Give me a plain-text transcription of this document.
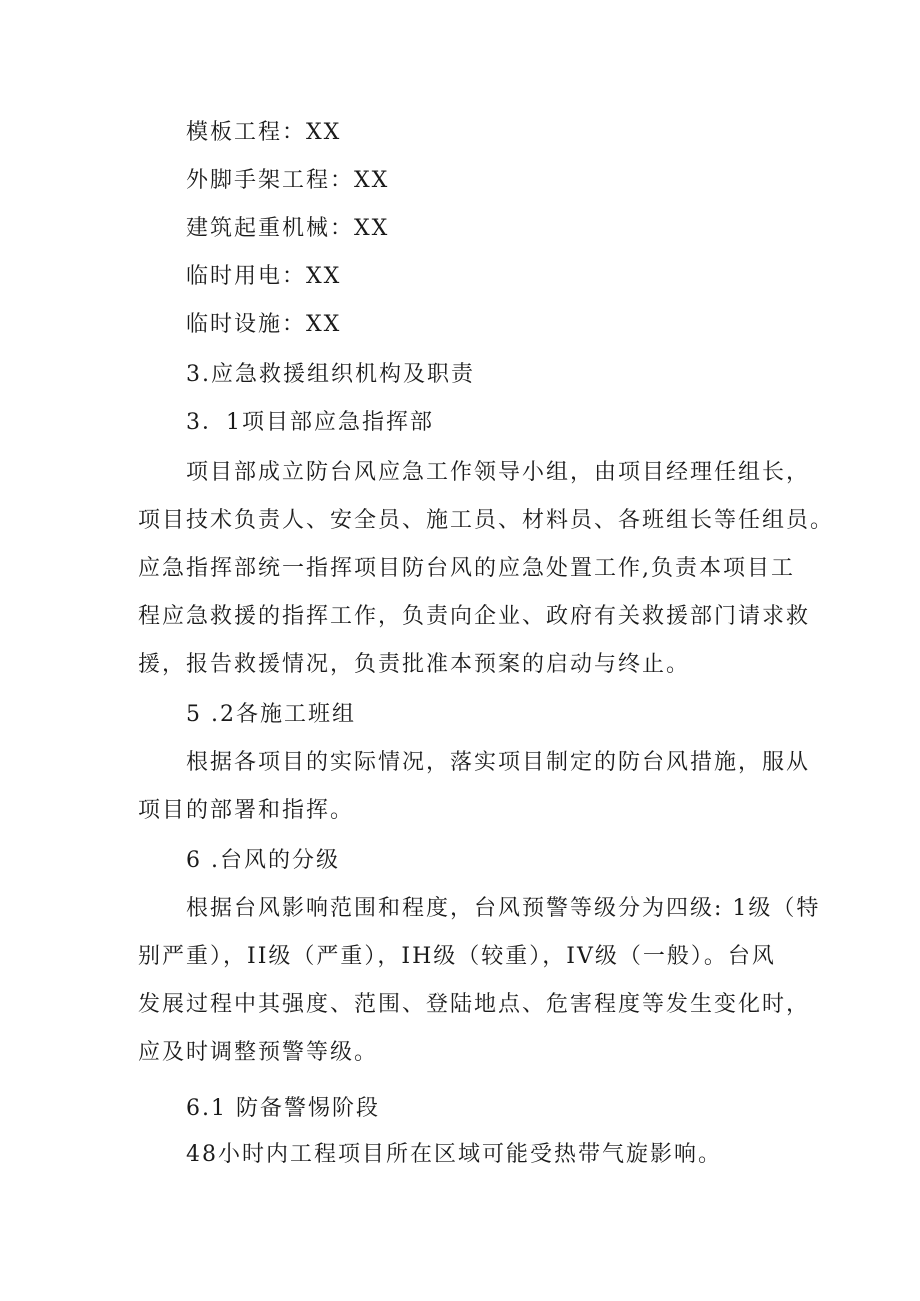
模板工程：XX
外脚手架工程：XX
建筑起重机械：XX
临时用电：XX
临时设施：XX
3.应急救援组织机构及职责
3．1项目部应急指挥部
项目部成立防台风应急工作领导小组，由项目经理任组长，
项目技术负责人、安全员、施工员、材料员、各班组长等任组员。
应急指挥部统一指挥项目防台风的应急处置工作,负责本项目工
程应急救援的指挥工作，负责向企业、政府有关救援部门请求救
援，报告救援情况，负责批准本预案的启动与终止。
5 .2各施工班组
根据各项目的实际情况，落实项目制定的防台风措施，服从
项目的部署和指挥。
6 .台风的分级
根据台风影响范围和程度，台风预警等级分为四级: 1级（特
别严重），II级（严重），IH级（较重），IV级（一般）。台风
发展过程中其强度、范围、登陆地点、危害程度等发生变化时，
应及时调整预警等级。
6.1 防备警惕阶段
48小时内工程项目所在区域可能受热带气旋影响。
